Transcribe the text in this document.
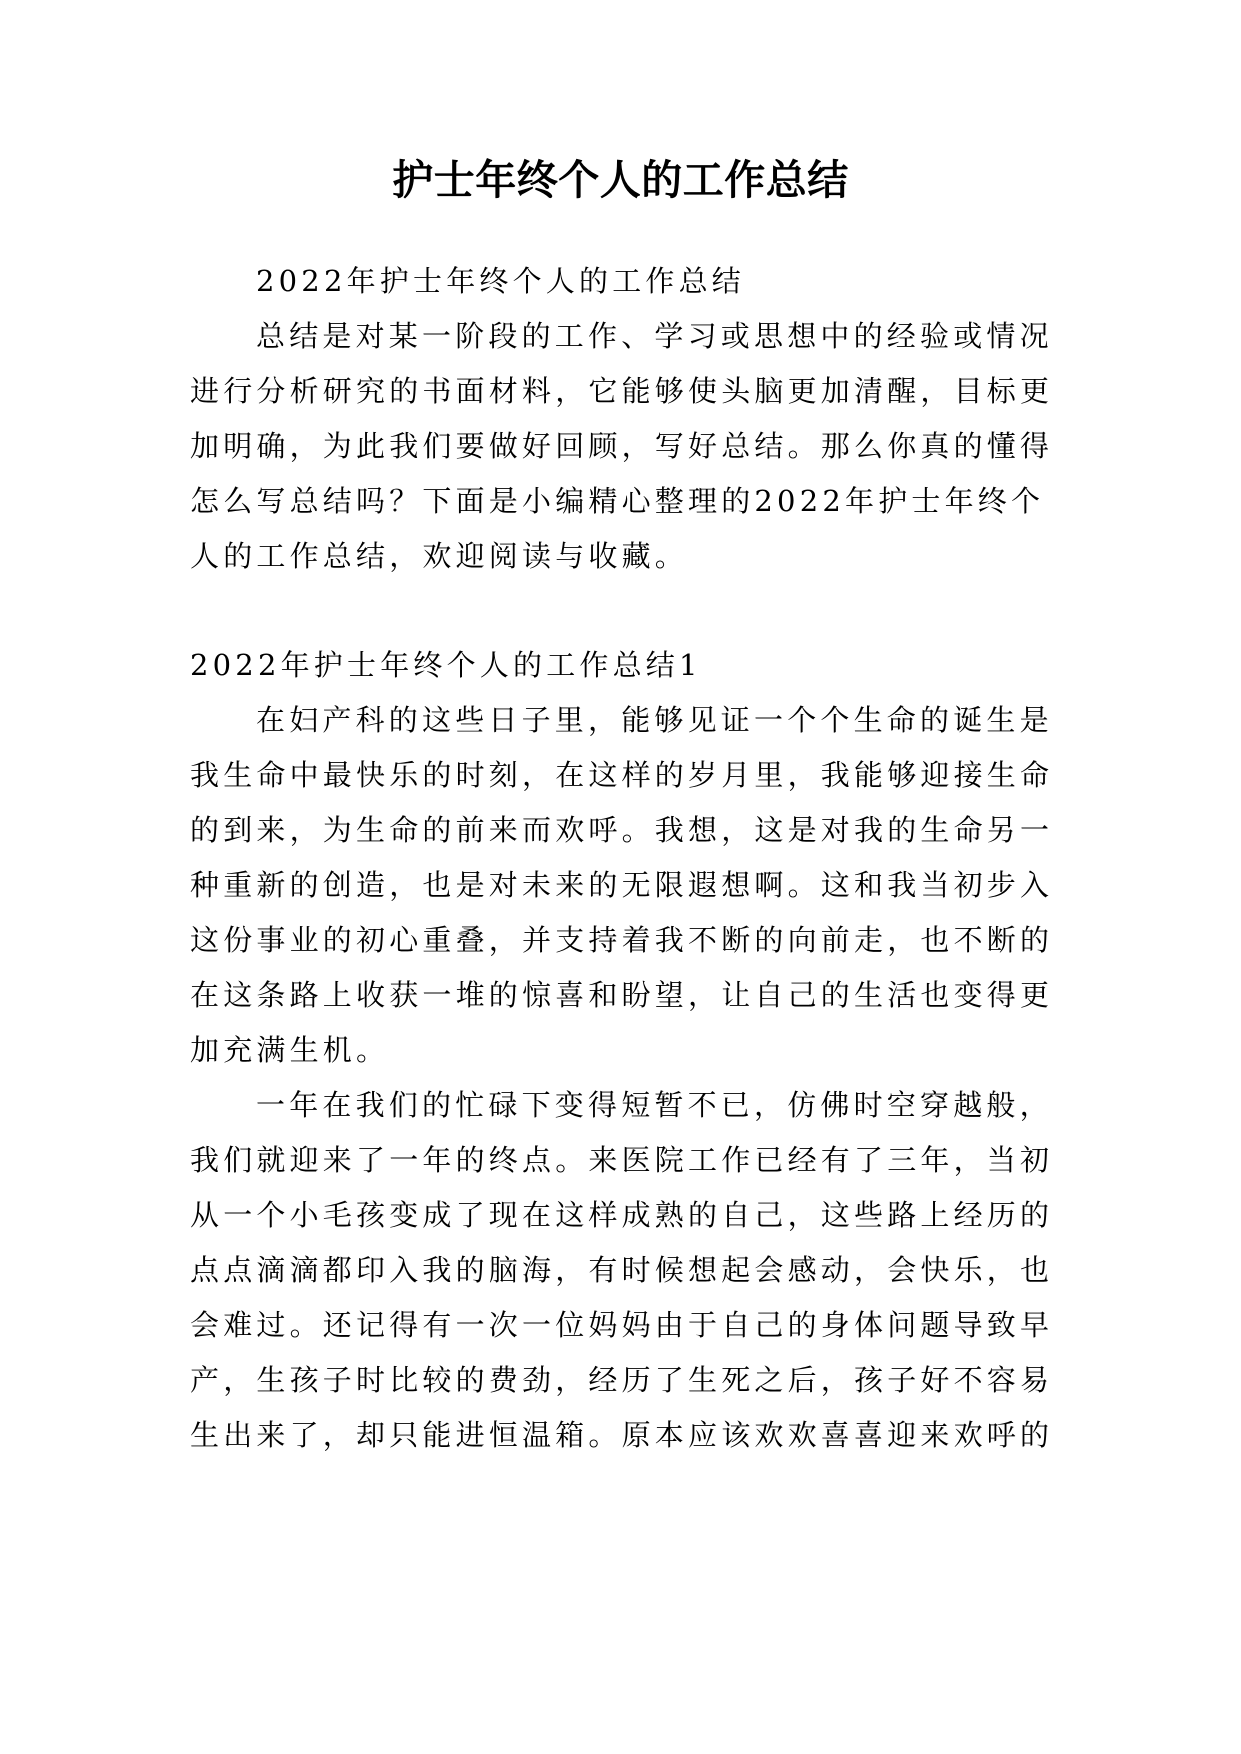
护士年终个人的工作总结

2022年护士年终个人的工作总结

总结是对某一阶段的工作、学习或思想中的经验或情况

进行分析研究的书面材料，它能够使头脑更加清醒，目标更

加明确，为此我们要做好回顾，写好总结。那么你真的懂得

怎么写总结吗？下面是小编精心整理的2022年护士年终个

人的工作总结，欢迎阅读与收藏。

2022年护士年终个人的工作总结1

在妇产科的这些日子里，能够见证一个个生命的诞生是

我生命中最快乐的时刻，在这样的岁月里，我能够迎接生命

的到来，为生命的前来而欢呼。我想，这是对我的生命另一

种重新的创造，也是对未来的无限遐想啊。这和我当初步入

这份事业的初心重叠，并支持着我不断的向前走，也不断的

在这条路上收获一堆的惊喜和盼望，让自己的生活也变得更

加充满生机。

一年在我们的忙碌下变得短暂不已，仿佛时空穿越般，

我们就迎来了一年的终点。来医院工作已经有了三年，当初

从一个小毛孩变成了现在这样成熟的自己，这些路上经历的

点点滴滴都印入我的脑海，有时候想起会感动，会快乐，也

会难过。还记得有一次一位妈妈由于自己的身体问题导致早

产，生孩子时比较的费劲，经历了生死之后，孩子好不容易

生出来了，却只能进恒温箱。原本应该欢欢喜喜迎来欢呼的
